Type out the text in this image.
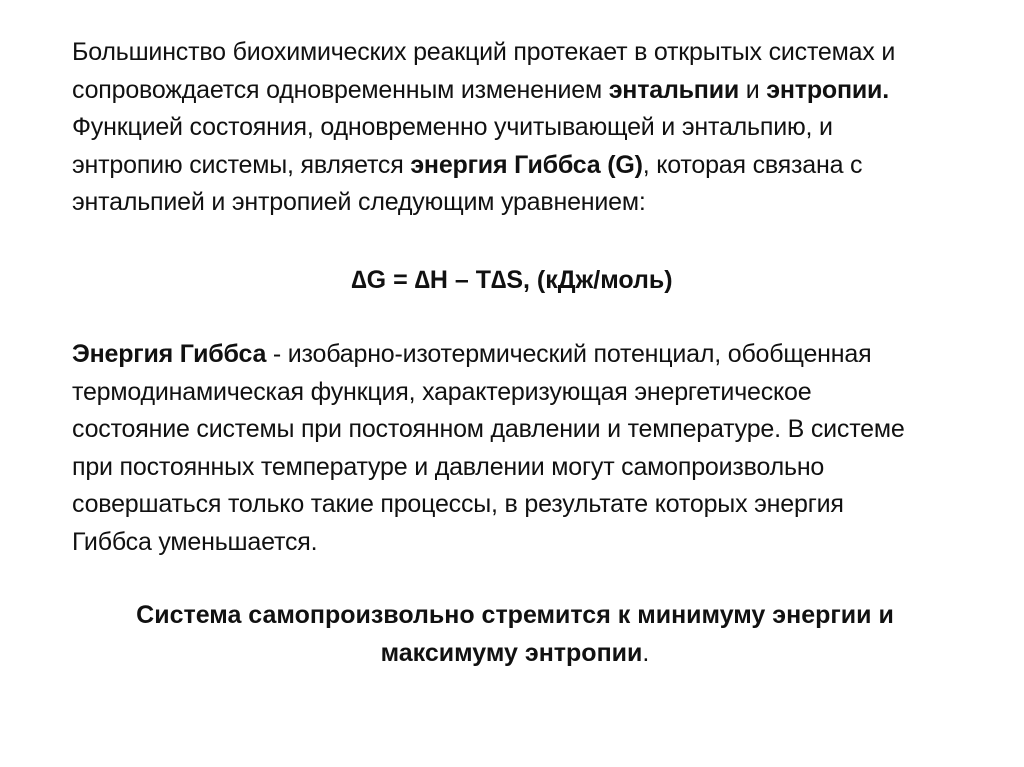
Большинство биохимических реакций протекает в открытых системах и
сопровождается одновременным изменением энтальпии и энтропии.
Функцией состояния, одновременно учитывающей и энтальпию, и
энтропию системы, является энергия Гиббса (G), которая связана с
энтальпией и энтропией следующим уравнением:
∆G = ∆H – T∆S, (кДж/моль)
Энергия Гиббса - изобарно-изотермический потенциал, обобщенная
термодинамическая функция, характеризующая энергетическое
состояние системы при постоянном давлении и температуре. В системе
при постоянных температуре и давлении могут самопроизвольно
совершаться только такие процессы, в результате которых энергия
Гиббса уменьшается.
Система самопроизвольно стремится к минимуму энергии и
максимуму энтропии.
